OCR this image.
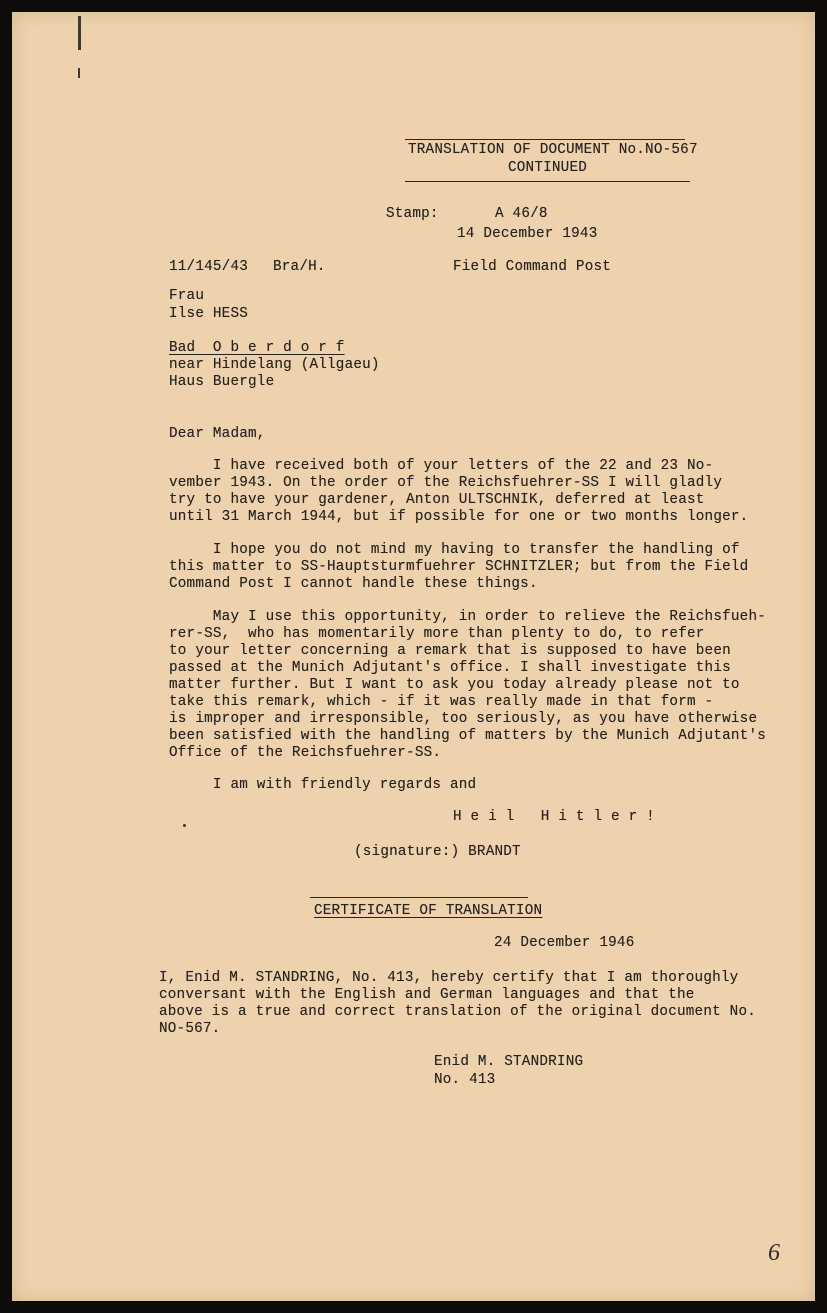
TRANSLATION OF DOCUMENT No.NO-567
CONTINUED
Stamp:	A 46/8
14 December 1943
11/145/43 Bra/H.	Field Command Post
Frau
Ilse HESS
Bad  O b e r d o r f
near Hindelang (Allgaeu)
Haus Buergle
Dear Madam,
I have received both of your letters of the 22 and 23 No-
vember 1943. On the order of the Reichsfuehrer-SS I will gladly
try to have your gardener, Anton ULTSCHNIK, deferred at least
until 31 March 1944, but if possible for one or two months longer.
I hope you do not mind my having to transfer the handling of
this matter to SS-Hauptsturmfuehrer SCHNITZLER; but from the Field
Command Post I cannot handle these things.
May I use this opportunity, in order to relieve the Reichsfueh-
rer-SS,  who has momentarily more than plenty to do, to refer
to your letter concerning a remark that is supposed to have been
passed at the Munich Adjutant's office. I shall investigate this
matter further. But I want to ask you today already please not to
take this remark, which - if it was really made in that form -
is improper and irresponsible, too seriously, as you have otherwise
been satisfied with the handling of matters by the Munich Adjutant's
Office of the Reichsfuehrer-SS.
I am with friendly regards and
H e i l   H i t l e r !
(signature:) BRANDT
CERTIFICATE OF TRANSLATION
24 December 1946
I, Enid M. STANDRING, No. 413, hereby certify that I am thoroughly
conversant with the English and German languages and that the
above is a true and correct translation of the original document No.
NO-567.
Enid M. STANDRING
No. 413
6
